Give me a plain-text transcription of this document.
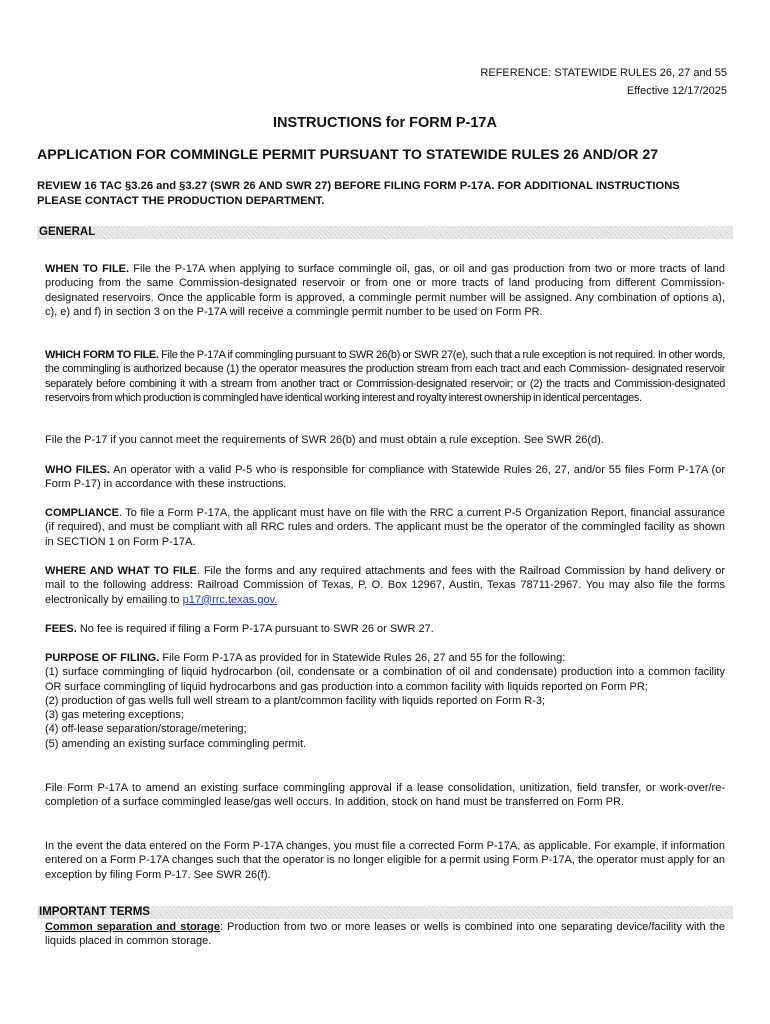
REFERENCE: STATEWIDE RULES 26, 27 and 55
Effective 12/17/2025
INSTRUCTIONS for FORM P-17A
APPLICATION FOR COMMINGLE PERMIT PURSUANT TO STATEWIDE RULES 26 AND/OR 27
REVIEW 16 TAC §3.26 and §3.27 (SWR 26 AND SWR 27) BEFORE FILING FORM P-17A. FOR ADDITIONAL INSTRUCTIONS PLEASE CONTACT THE PRODUCTION DEPARTMENT.
GENERAL
WHEN TO FILE. File the P-17A when applying to surface commingle oil, gas, or oil and gas production from two or more tracts of land producing from the same Commission-designated reservoir or from one or more tracts of land producing from different Commission-designated reservoirs. Once the applicable form is approved, a commingle permit number will be assigned. Any combination of options a), c), e) and f) in section 3 on the P-17A will receive a commingle permit number to be used on Form PR.
WHICH FORM TO FILE. File the P-17A if commingling pursuant to SWR 26(b) or SWR 27(e), such that a rule exception is not required. In other words, the commingling is authorized because (1) the operator measures the production stream from each tract and each Commission- designated reservoir separately before combining it with a stream from another tract or Commission-designated reservoir; or (2) the tracts and Commission-designated reservoirs from which production is commingled have identical working interest and royalty interest ownership in identical percentages.
File the P-17 if you cannot meet the requirements of SWR 26(b) and must obtain a rule exception. See SWR 26(d).
WHO FILES. An operator with a valid P-5 who is responsible for compliance with Statewide Rules 26, 27, and/or 55 files Form P-17A (or Form P-17) in accordance with these instructions.
COMPLIANCE. To file a Form P-17A, the applicant must have on file with the RRC a current P-5 Organization Report, financial assurance (if required), and must be compliant with all RRC rules and orders. The applicant must be the operator of the commingled facility as shown in SECTION 1 on Form P-17A.
WHERE AND WHAT TO FILE. File the forms and any required attachments and fees with the Railroad Commission by hand delivery or mail to the following address: Railroad Commission of Texas, P. O. Box 12967, Austin, Texas 78711-2967. You may also file the forms electronically by emailing to p17@rrc.texas.gov.
FEES. No fee is required if filing a Form P-17A pursuant to SWR 26 or SWR 27.
PURPOSE OF FILING. File Form P-17A as provided for in Statewide Rules 26, 27 and 55 for the following:
(1) surface commingling of liquid hydrocarbon (oil, condensate or a combination of oil and condensate) production into a common facility OR surface commingling of liquid hydrocarbons and gas production into a common facility with liquids reported on Form PR;
(2) production of gas wells full well stream to a plant/common facility with liquids reported on Form R-3;
(3) gas metering exceptions;
(4) off-lease separation/storage/metering;
(5) amending an existing surface commingling permit.
File Form P-17A to amend an existing surface commingling approval if a lease consolidation, unitization, field transfer, or work-over/re-completion of a surface commingled lease/gas well occurs. In addition, stock on hand must be transferred on Form PR.
In the event the data entered on the Form P-17A changes, you must file a corrected Form P-17A, as applicable. For example, if information entered on a Form P-17A changes such that the operator is no longer eligible for a permit using Form P-17A, the operator must apply for an exception by filing Form P-17. See SWR 26(f).
IMPORTANT TERMS
Common separation and storage: Production from two or more leases or wells is combined into one separating device/facility with the liquids placed in common storage.
